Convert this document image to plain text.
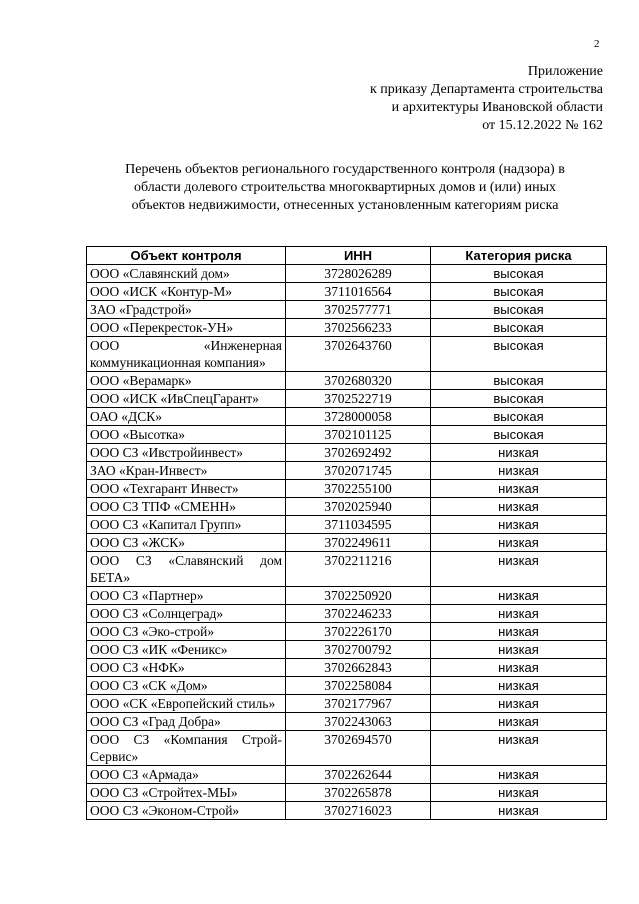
2
Приложение
к приказу Департамента строительства
и архитектуры Ивановской области
от 15.12.2022 № 162
Перечень объектов регионального государственного контроля (надзора) в
области долевого строительства многоквартирных домов и (или) иных
объектов недвижимости, отнесенных установленным категориям риска
Объект контроля	ИНН	Категория риска
ООО «Славянский дом»	3728026289	высокая
ООО «ИСК «Контур-М»	3711016564	высокая
ЗАО «Градстрой»	3702577771	высокая
ООО «Перекресток-УН»	3702566233	высокая
ООО «Инженерная коммуникационная компания»	3702643760	высокая
ООО «Верамарк»	3702680320	высокая
ООО «ИСК «ИвСпецГарант»	3702522719	высокая
ОАО «ДСК»	3728000058	высокая
ООО «Высотка»	3702101125	высокая
ООО СЗ «Ивстройинвест»	3702692492	низкая
ЗАО «Кран-Инвест»	3702071745	низкая
ООО «Техгарант Инвест»	3702255100	низкая
ООО СЗ ТПФ «СМЕНН»	3702025940	низкая
ООО СЗ «Капитал Групп»	3711034595	низкая
ООО СЗ «ЖСК»	3702249611	низкая
ООО СЗ «Славянский дом БЕТА»	3702211216	низкая
ООО СЗ «Партнер»	3702250920	низкая
ООО СЗ «Солнцеград»	3702246233	низкая
ООО СЗ «Эко-строй»	3702226170	низкая
ООО СЗ «ИК «Феникс»	3702700792	низкая
ООО СЗ «НФК»	3702662843	низкая
ООО СЗ «СК «Дом»	3702258084	низкая
ООО «СК «Европейский стиль»	3702177967	низкая
ООО СЗ «Град Добра»	3702243063	низкая
ООО СЗ «Компания Строй-Сервис»	3702694570	низкая
ООО СЗ «Армада»	3702262644	низкая
ООО СЗ «Стройтех-МЫ»	3702265878	низкая
ООО СЗ «Эконом-Строй»	3702716023	низкая
